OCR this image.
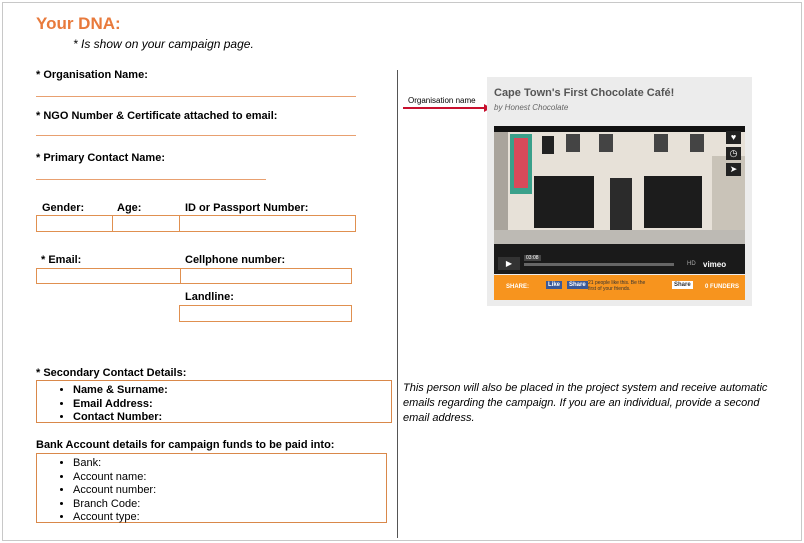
Your DNA:
* Is show on your campaign page.
* Organisation Name:
* NGO Number & Certificate attached to email:
* Primary Contact Name:
Gender:	Age:	ID or Passport Number:
* Email:	Cellphone number:
Landline:
* Secondary Contact Details:
• Name & Surname:
• Email Address:
• Contact Number:
Bank Account details for campaign funds to be paid into:
• Bank:
• Account name:
• Account number:
• Branch Code:
• Account type:
Organisation name
Cape Town's First Chocolate Café!
by Honest Chocolate
♥
◷
➤
▶
03:08
HD vimeo
SHARE:	Like	Share 21 people like this. Be the first of your friends.
Share	0 FUNDERS
This person will also be placed in the project system and receive automatic emails regarding the campaign. If you are an individual, provide a second email address.
